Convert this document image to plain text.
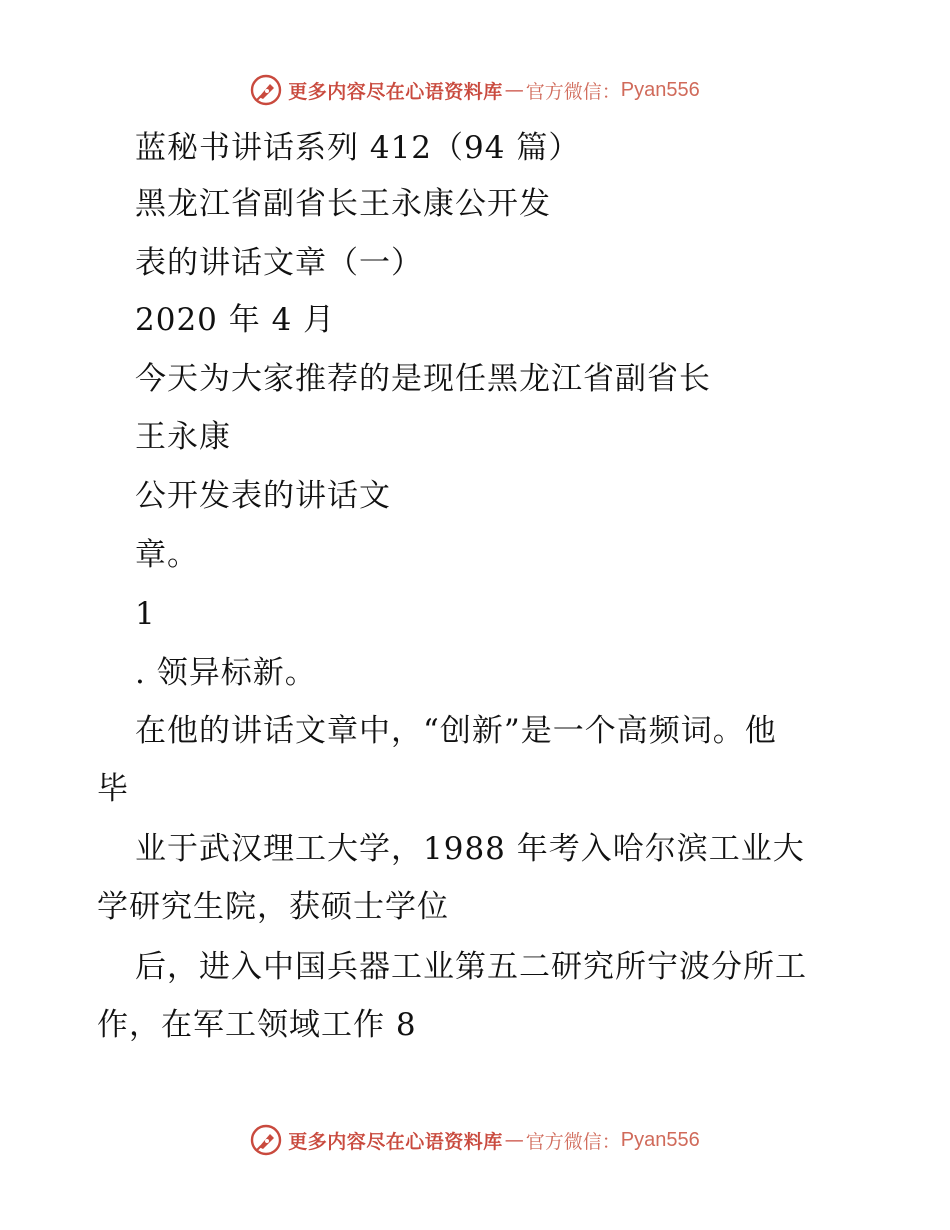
更多内容尽在心语资料库 — 官方微信： Pyan556
蓝秘书讲话系列 412（94 篇）
黑龙江省副省长王永康公开发
表的讲话文章（一）
2020 年 4 月
今天为大家推荐的是现任黑龙江省副省长
王永康
公开发表的讲话文
章。
1
. 领异标新。
在他的讲话文章中，“创新”是一个高频词。他
毕
业于武汉理工大学，1988 年考入哈尔滨工业大
学研究生院，获硕士学位
后，进入中国兵器工业第五二研究所宁波分所工
作，在军工领域工作 8
更多内容尽在心语资料库 — 官方微信： Pyan556
